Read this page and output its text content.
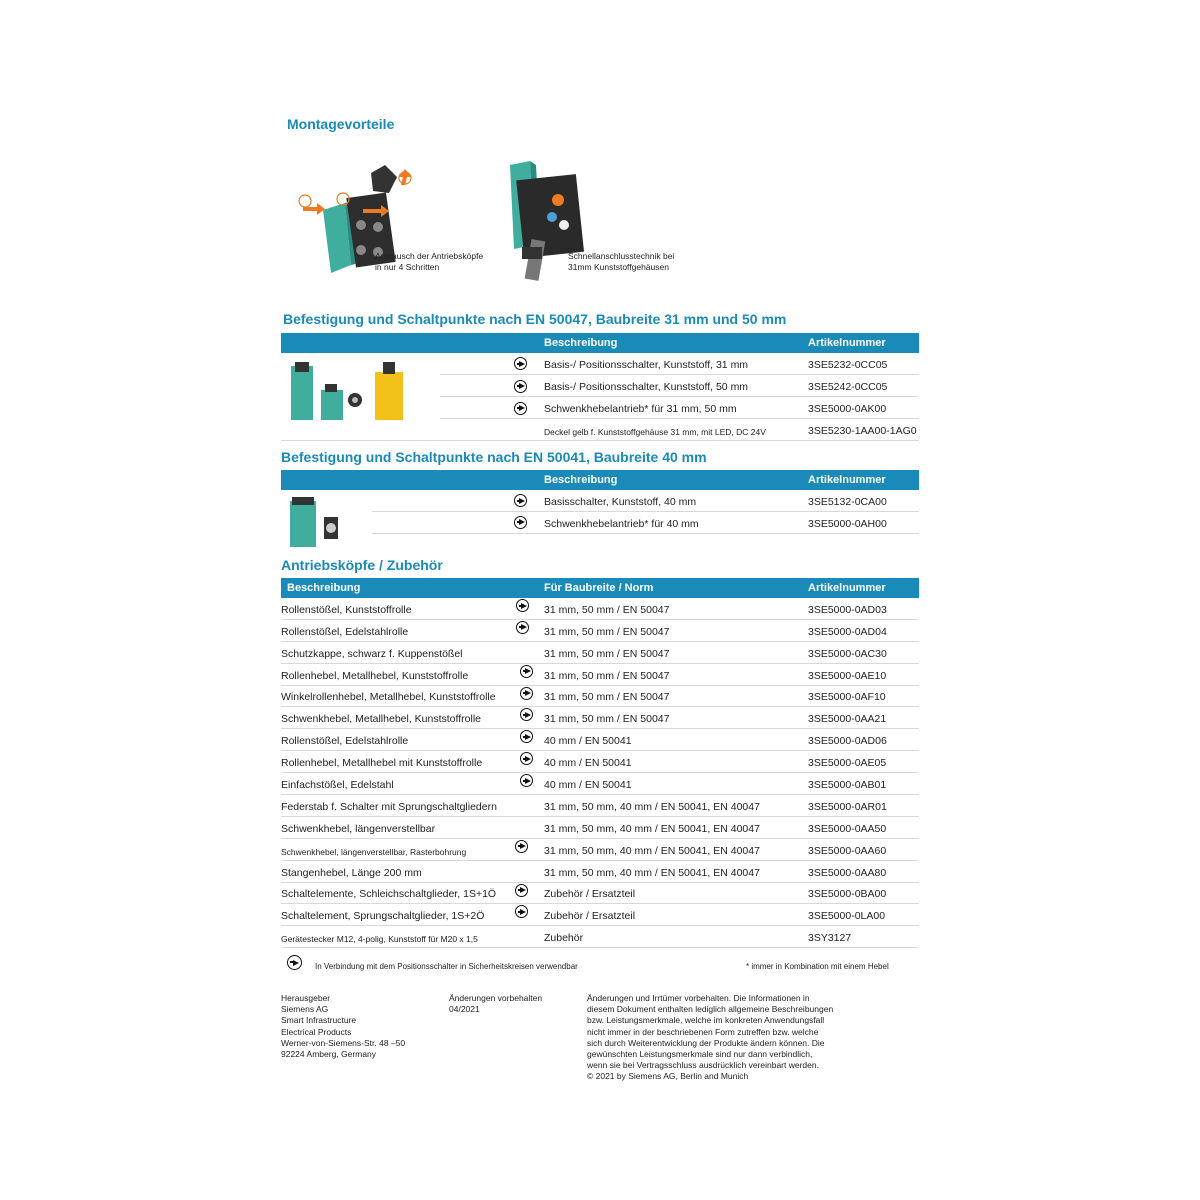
Montagevorteile
Austausch der Antriebsköpfe
in nur 4 Schritten
Schnellanschlusstechnik bei
31mm Kunststoffgehäusen
Befestigung und Schaltpunkte nach EN 50047, Baubreite 31 mm und 50 mm
Beschreibung	Artikelnummer
Basis-/ Positionsschalter, Kunststoff, 31 mm	3SE5232-0CC05
Basis-/ Positionsschalter, Kunststoff, 50 mm	3SE5242-0CC05
Schwenkhebelantrieb* für 31 mm, 50 mm	3SE5000-0AK00
Deckel gelb f. Kunststoffgehäuse 31 mm, mit LED, DC 24V	3SE5230-1AA00-1AG0
Befestigung und Schaltpunkte nach EN 50041, Baubreite 40 mm
Beschreibung	Artikelnummer
Basisschalter, Kunststoff, 40 mm	3SE5132-0CA00
Schwenkhebelantrieb* für 40 mm	3SE5000-0AH00
Antriebsköpfe / Zubehör
Beschreibung	Für Baubreite / Norm	Artikelnummer
Rollenstößel, Kunststoffrolle	31 mm, 50 mm / EN 50047	3SE5000-0AD03
Rollenstößel, Edelstahlrolle	31 mm, 50 mm / EN 50047	3SE5000-0AD04
Schutzkappe, schwarz f. Kuppenstößel	31 mm, 50 mm / EN 50047	3SE5000-0AC30
Rollenhebel, Metallhebel, Kunststoffrolle	31 mm, 50 mm / EN 50047	3SE5000-0AE10
Winkelrollenhebel, Metallhebel, Kunststoffrolle	31 mm, 50 mm / EN 50047	3SE5000-0AF10
Schwenkhebel, Metallhebel, Kunststoffrolle	31 mm, 50 mm / EN 50047	3SE5000-0AA21
Rollenstößel, Edelstahlrolle	40 mm / EN 50041	3SE5000-0AD06
Rollenhebel, Metallhebel mit Kunststoffrolle	40 mm / EN 50041	3SE5000-0AE05
Einfachstößel, Edelstahl	40 mm / EN 50041	3SE5000-0AB01
Federstab f. Schalter mit Sprungschaltgliedern	31 mm, 50 mm, 40 mm / EN 50041, EN 40047	3SE5000-0AR01
Schwenkhebel, längenverstellbar	31 mm, 50 mm, 40 mm / EN 50041, EN 40047	3SE5000-0AA50
Schwenkhebel, längenverstellbar, Rasterbohrung	31 mm, 50 mm, 40 mm / EN 50041, EN 40047	3SE5000-0AA60
Stangenhebel, Länge 200 mm	31 mm, 50 mm, 40 mm / EN 50041, EN 40047	3SE5000-0AA80
Schaltelemente, Schleichschaltglieder, 1S+1Ö	Zubehör / Ersatzteil	3SE5000-0BA00
Schaltelement, Sprungschaltglieder, 1S+2Ö	Zubehör / Ersatzteil	3SE5000-0LA00
Gerätestecker M12, 4-polig, Kunststoff für M20 x 1,5	Zubehör	3SY3127
In Verbindung mit dem Positionsschalter in Sicherheitskreisen verwendbar	* immer in Kombination mit einem Hebel
Herausgeber
Siemens AG
Smart Infrastructure
Electrical Products
Werner-von-Siemens-Str. 48 –50
92224 Amberg, Germany
Änderungen vorbehalten
04/2021
Änderungen und Irrtümer vorbehalten. Die Informationen in
diesem Dokument enthalten lediglich allgemeine Beschreibungen
bzw. Leistungsmerkmale, welche im konkreten Anwendungsfall
nicht immer in der beschriebenen Form zutreffen bzw. welche
sich durch Weiterentwicklung der Produkte ändern können. Die
gewünschten Leistungsmerkmale sind nur dann verbindlich,
wenn sie bei Vertragsschluss ausdrücklich vereinbart werden.
© 2021 by Siemens AG, Berlin and Munich
